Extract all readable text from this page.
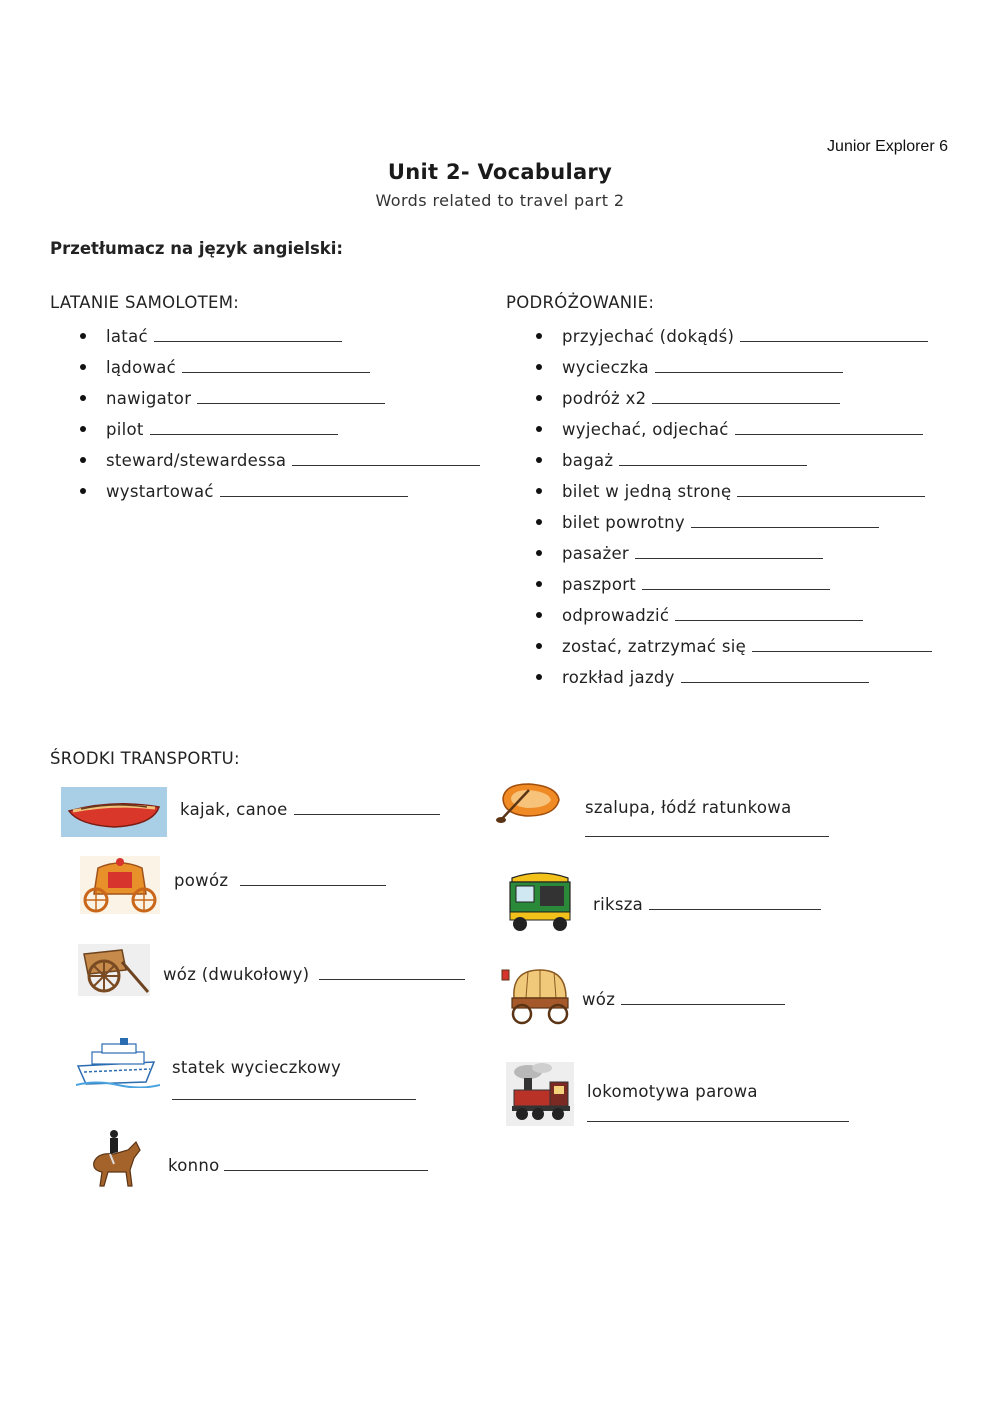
Junior Explorer 6
Unit 2- Vocabulary
Words related to travel part 2
Przetłumacz na język angielski:
LATANIE SAMOLOTEM:
latać
lądować
nawigator
pilot
steward/stewardessa
wystartować
PODRÓŻOWANIE:
przyjechać (dokądś)
wycieczka
podróż x2
wyjechać, odjechać
bagaż
bilet w jedną stronę
bilet powrotny
pasażer
paszport
odprowadzić
zostać, zatrzymać się
rozkład jazdy
ŚRODKI TRANSPORTU:
kajak, canoe
powóz
wóz (dwukołowy)
statek wycieczkowy
konno
szalupa, łódź ratunkowa
riksza
wóz
lokomotywa parowa
